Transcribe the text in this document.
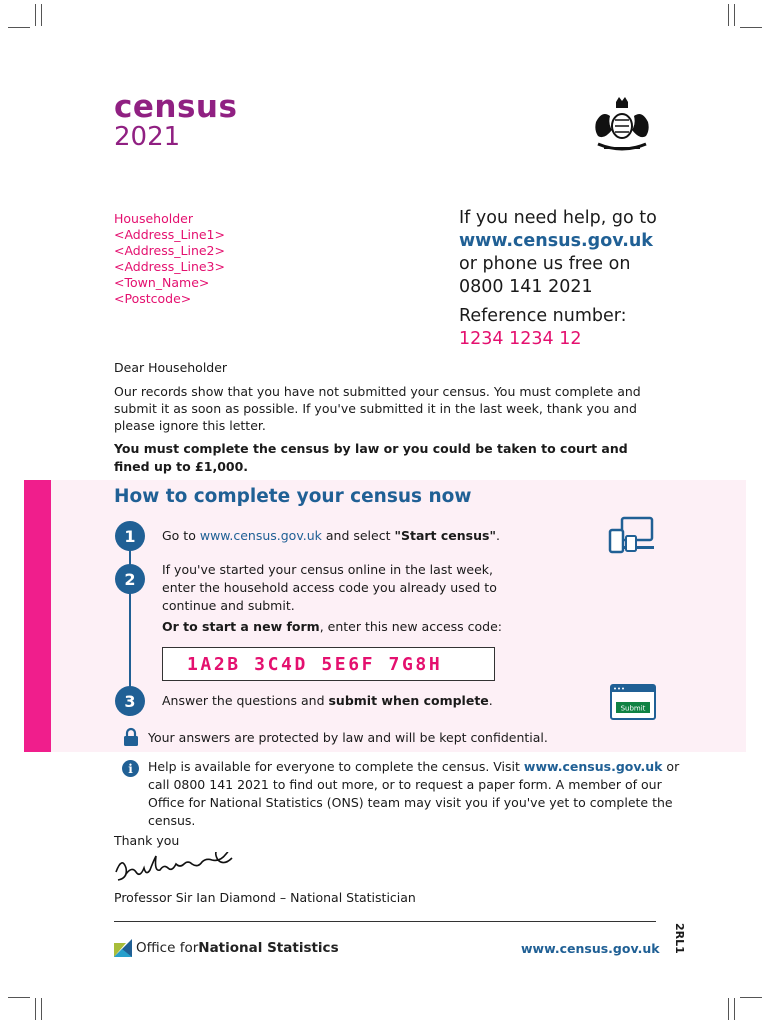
census
2021
Householder
<Address_Line1>
<Address_Line2>
<Address_Line3>
<Town_Name>
<Postcode>
If you need help, go to
www.census.gov.uk
or phone us free on
0800 141 2021
Reference number:
1234 1234 12
Dear Householder
Our records show that you have not submitted your census. You must complete and submit it as soon as possible. If you've submitted it in the last week, thank you and please ignore this letter.
You must complete the census by law or you could be taken to court and fined up to £1,000.
How to complete your census now
1
2
3
Go to www.census.gov.uk and select "Start census".
If you've started your census online in the last week, enter the household access code you already used to continue and submit.
Or to start a new form, enter this new access code:
1A2B 3C4D 5E6F 7G8H
Answer the questions and submit when complete.
Submit
Your answers are protected by law and will be kept confidential.
i	Help is available for everyone to complete the census. Visit www.census.gov.uk or call 0800 141 2021 to find out more, or to request a paper form. A member of our Office for National Statistics (ONS) team may visit you if you've yet to complete the census.
Thank you
Professor Sir Ian Diamond – National Statistician
Office for National Statistics	www.census.gov.uk 2RL1
